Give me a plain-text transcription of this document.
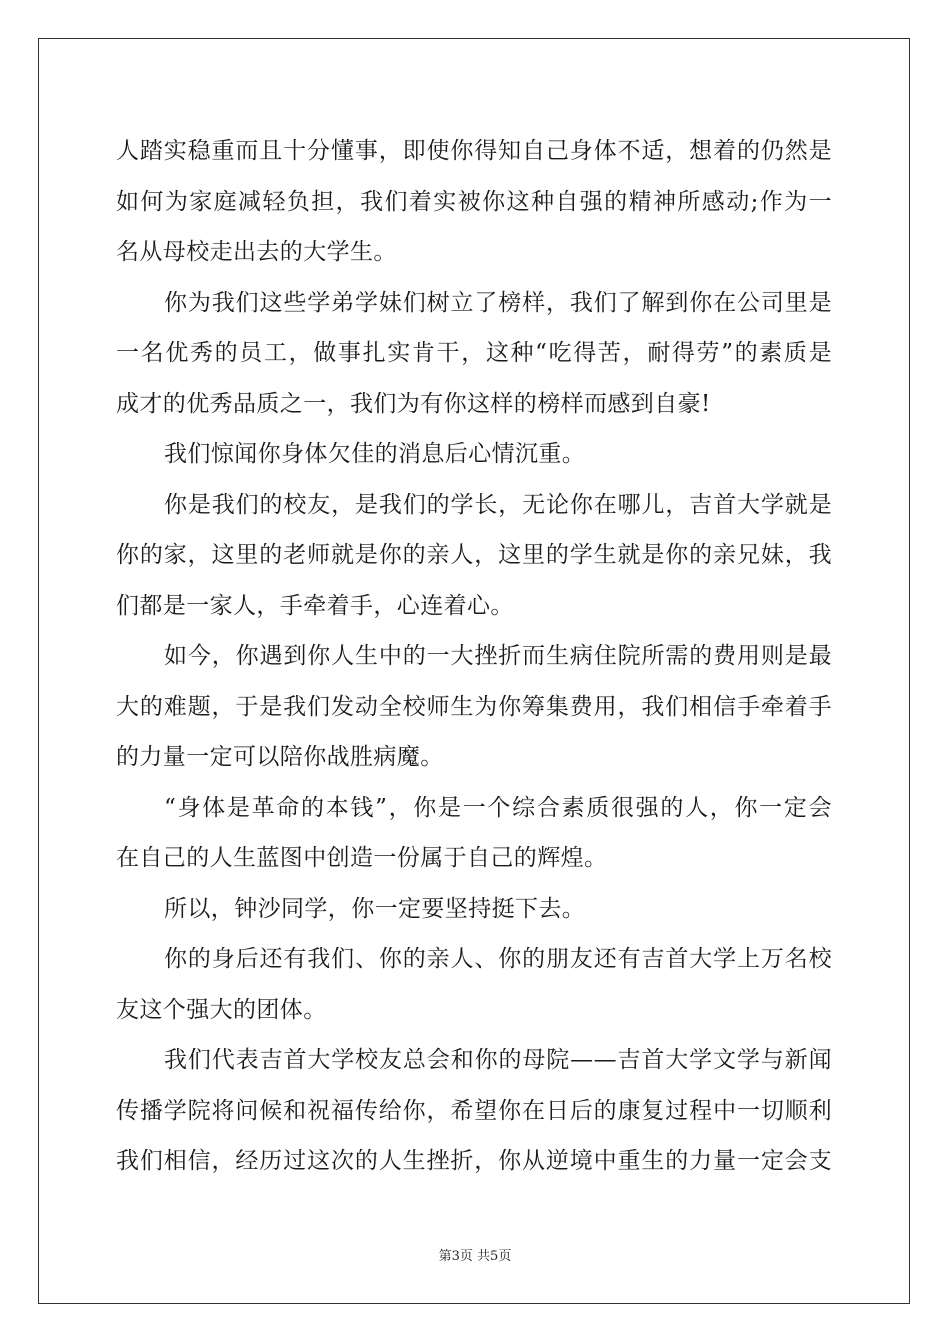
人踏实稳重而且十分懂事，即使你得知自己身体不适，想着的仍然是
如何为家庭减轻负担，我们着实被你这种自强的精神所感动;作为一
名从母校走出去的大学生。
你为我们这些学弟学妹们树立了榜样，我们了解到你在公司里是
一名优秀的员工，做事扎实肯干，这种“吃得苦，耐得劳”的素质是
成才的优秀品质之一，我们为有你这样的榜样而感到自豪!
我们惊闻你身体欠佳的消息后心情沉重。
你是我们的校友，是我们的学长，无论你在哪儿，吉首大学就是
你的家，这里的老师就是你的亲人，这里的学生就是你的亲兄妹，我
们都是一家人，手牵着手，心连着心。
如今，你遇到你人生中的一大挫折而生病住院所需的费用则是最
大的难题，于是我们发动全校师生为你筹集费用，我们相信手牵着手
的力量一定可以陪你战胜病魔。
“身体是革命的本钱”，你是一个综合素质很强的人，你一定会
在自己的人生蓝图中创造一份属于自己的辉煌。
所以，钟沙同学，你一定要坚持挺下去。
你的身后还有我们、你的亲人、你的朋友还有吉首大学上万名校
友这个强大的团体。
我们代表吉首大学校友总会和你的母院——吉首大学文学与新闻
传播学院将问候和祝福传给你，希望你在日后的康复过程中一切顺利
我们相信，经历过这次的人生挫折，你从逆境中重生的力量一定会支
第3页 共5页
